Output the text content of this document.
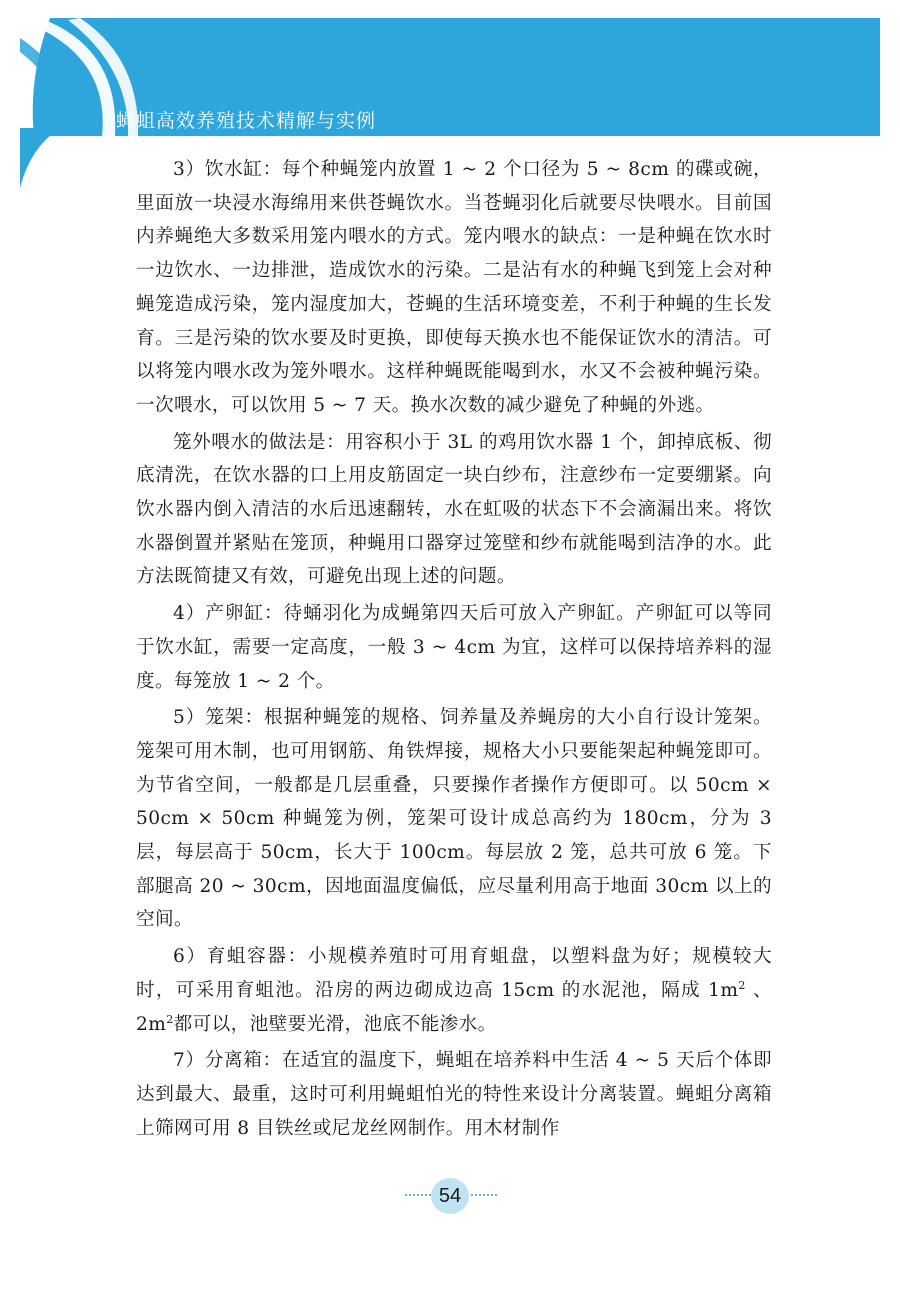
蝇蛆高效养殖技术精解与实例

3）饮水缸：每个种蝇笼内放置 1 ~ 2 个口径为 5 ~ 8cm 的碟或碗，里面放一块浸水海绵用来供苍蝇饮水。当苍蝇羽化后就要尽快喂水。目前国内养蝇绝大多数采用笼内喂水的方式。笼内喂水的缺点：一是种蝇在饮水时一边饮水、一边排泄，造成饮水的污染。二是沾有水的种蝇飞到笼上会对种蝇笼造成污染，笼内湿度加大，苍蝇的生活环境变差，不利于种蝇的生长发育。三是污染的饮水要及时更换，即使每天换水也不能保证饮水的清洁。可以将笼内喂水改为笼外喂水。这样种蝇既能喝到水，水又不会被种蝇污染。一次喂水，可以饮用 5 ~ 7 天。换水次数的减少避免了种蝇的外逃。

笼外喂水的做法是：用容积小于 3L 的鸡用饮水器 1 个，卸掉底板、彻底清洗，在饮水器的口上用皮筋固定一块白纱布，注意纱布一定要绷紧。向饮水器内倒入清洁的水后迅速翻转，水在虹吸的状态下不会滴漏出来。将饮水器倒置并紧贴在笼顶，种蝇用口器穿过笼壁和纱布就能喝到洁净的水。此方法既简捷又有效，可避免出现上述的问题。

4）产卵缸：待蛹羽化为成蝇第四天后可放入产卵缸。产卵缸可以等同于饮水缸，需要一定高度，一般 3 ~ 4cm 为宜，这样可以保持培养料的湿度。每笼放 1 ~ 2 个。

5）笼架：根据种蝇笼的规格、饲养量及养蝇房的大小自行设计笼架。笼架可用木制，也可用钢筋、角铁焊接，规格大小只要能架起种蝇笼即可。为节省空间，一般都是几层重叠，只要操作者操作方便即可。以 50cm × 50cm × 50cm 种蝇笼为例，笼架可设计成总高约为 180cm，分为 3 层，每层高于 50cm，长大于 100cm。每层放 2 笼，总共可放 6 笼。下部腿高 20 ~ 30cm，因地面温度偏低，应尽量利用高于地面 30cm 以上的空间。

6）育蛆容器：小规模养殖时可用育蛆盘，以塑料盘为好；规模较大时，可采用育蛆池。沿房的两边砌成边高 15cm 的水泥池，隔成 $1m^2$ 、$2m^2$都可以，池壁要光滑，池底不能渗水。

7）分离箱：在适宜的温度下，蝇蛆在培养料中生活 4 ~ 5 天后个体即达到最大、最重，这时可利用蝇蛆怕光的特性来设计分离装置。蝇蛆分离箱上筛网可用 8 目铁丝或尼龙丝网制作。用木材制作

54
